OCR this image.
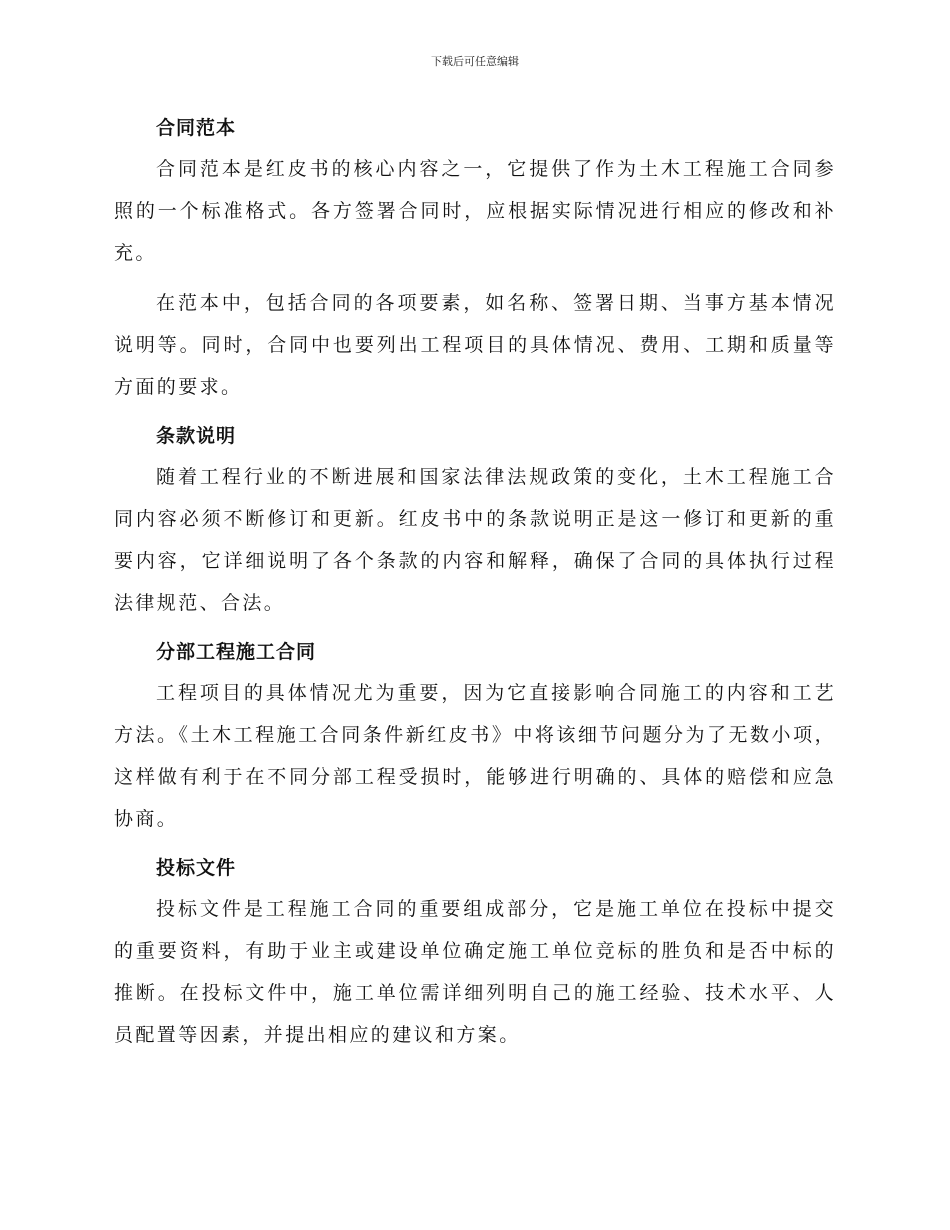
下载后可任意编辑
合同范本

合同范本是红皮书的核心内容之一，它提供了作为土木工程施工合同参照的一个标准格式。各方签署合同时，应根据实际情况进行相应的修改和补充。

在范本中，包括合同的各项要素，如名称、签署日期、当事方基本情况说明等。同时，合同中也要列出工程项目的具体情况、费用、工期和质量等方面的要求。

条款说明

随着工程行业的不断进展和国家法律法规政策的变化，土木工程施工合同内容必须不断修订和更新。红皮书中的条款说明正是这一修订和更新的重要内容，它详细说明了各个条款的内容和解释，确保了合同的具体执行过程法律规范、合法。

分部工程施工合同

工程项目的具体情况尤为重要，因为它直接影响合同施工的内容和工艺方法。《土木工程施工合同条件新红皮书》中将该细节问题分为了无数小项，这样做有利于在不同分部工程受损时，能够进行明确的、具体的赔偿和应急协商。

投标文件

投标文件是工程施工合同的重要组成部分，它是施工单位在投标中提交的重要资料，有助于业主或建设单位确定施工单位竞标的胜负和是否中标的推断。在投标文件中，施工单位需详细列明自己的施工经验、技术水平、人员配置等因素，并提出相应的建议和方案。
